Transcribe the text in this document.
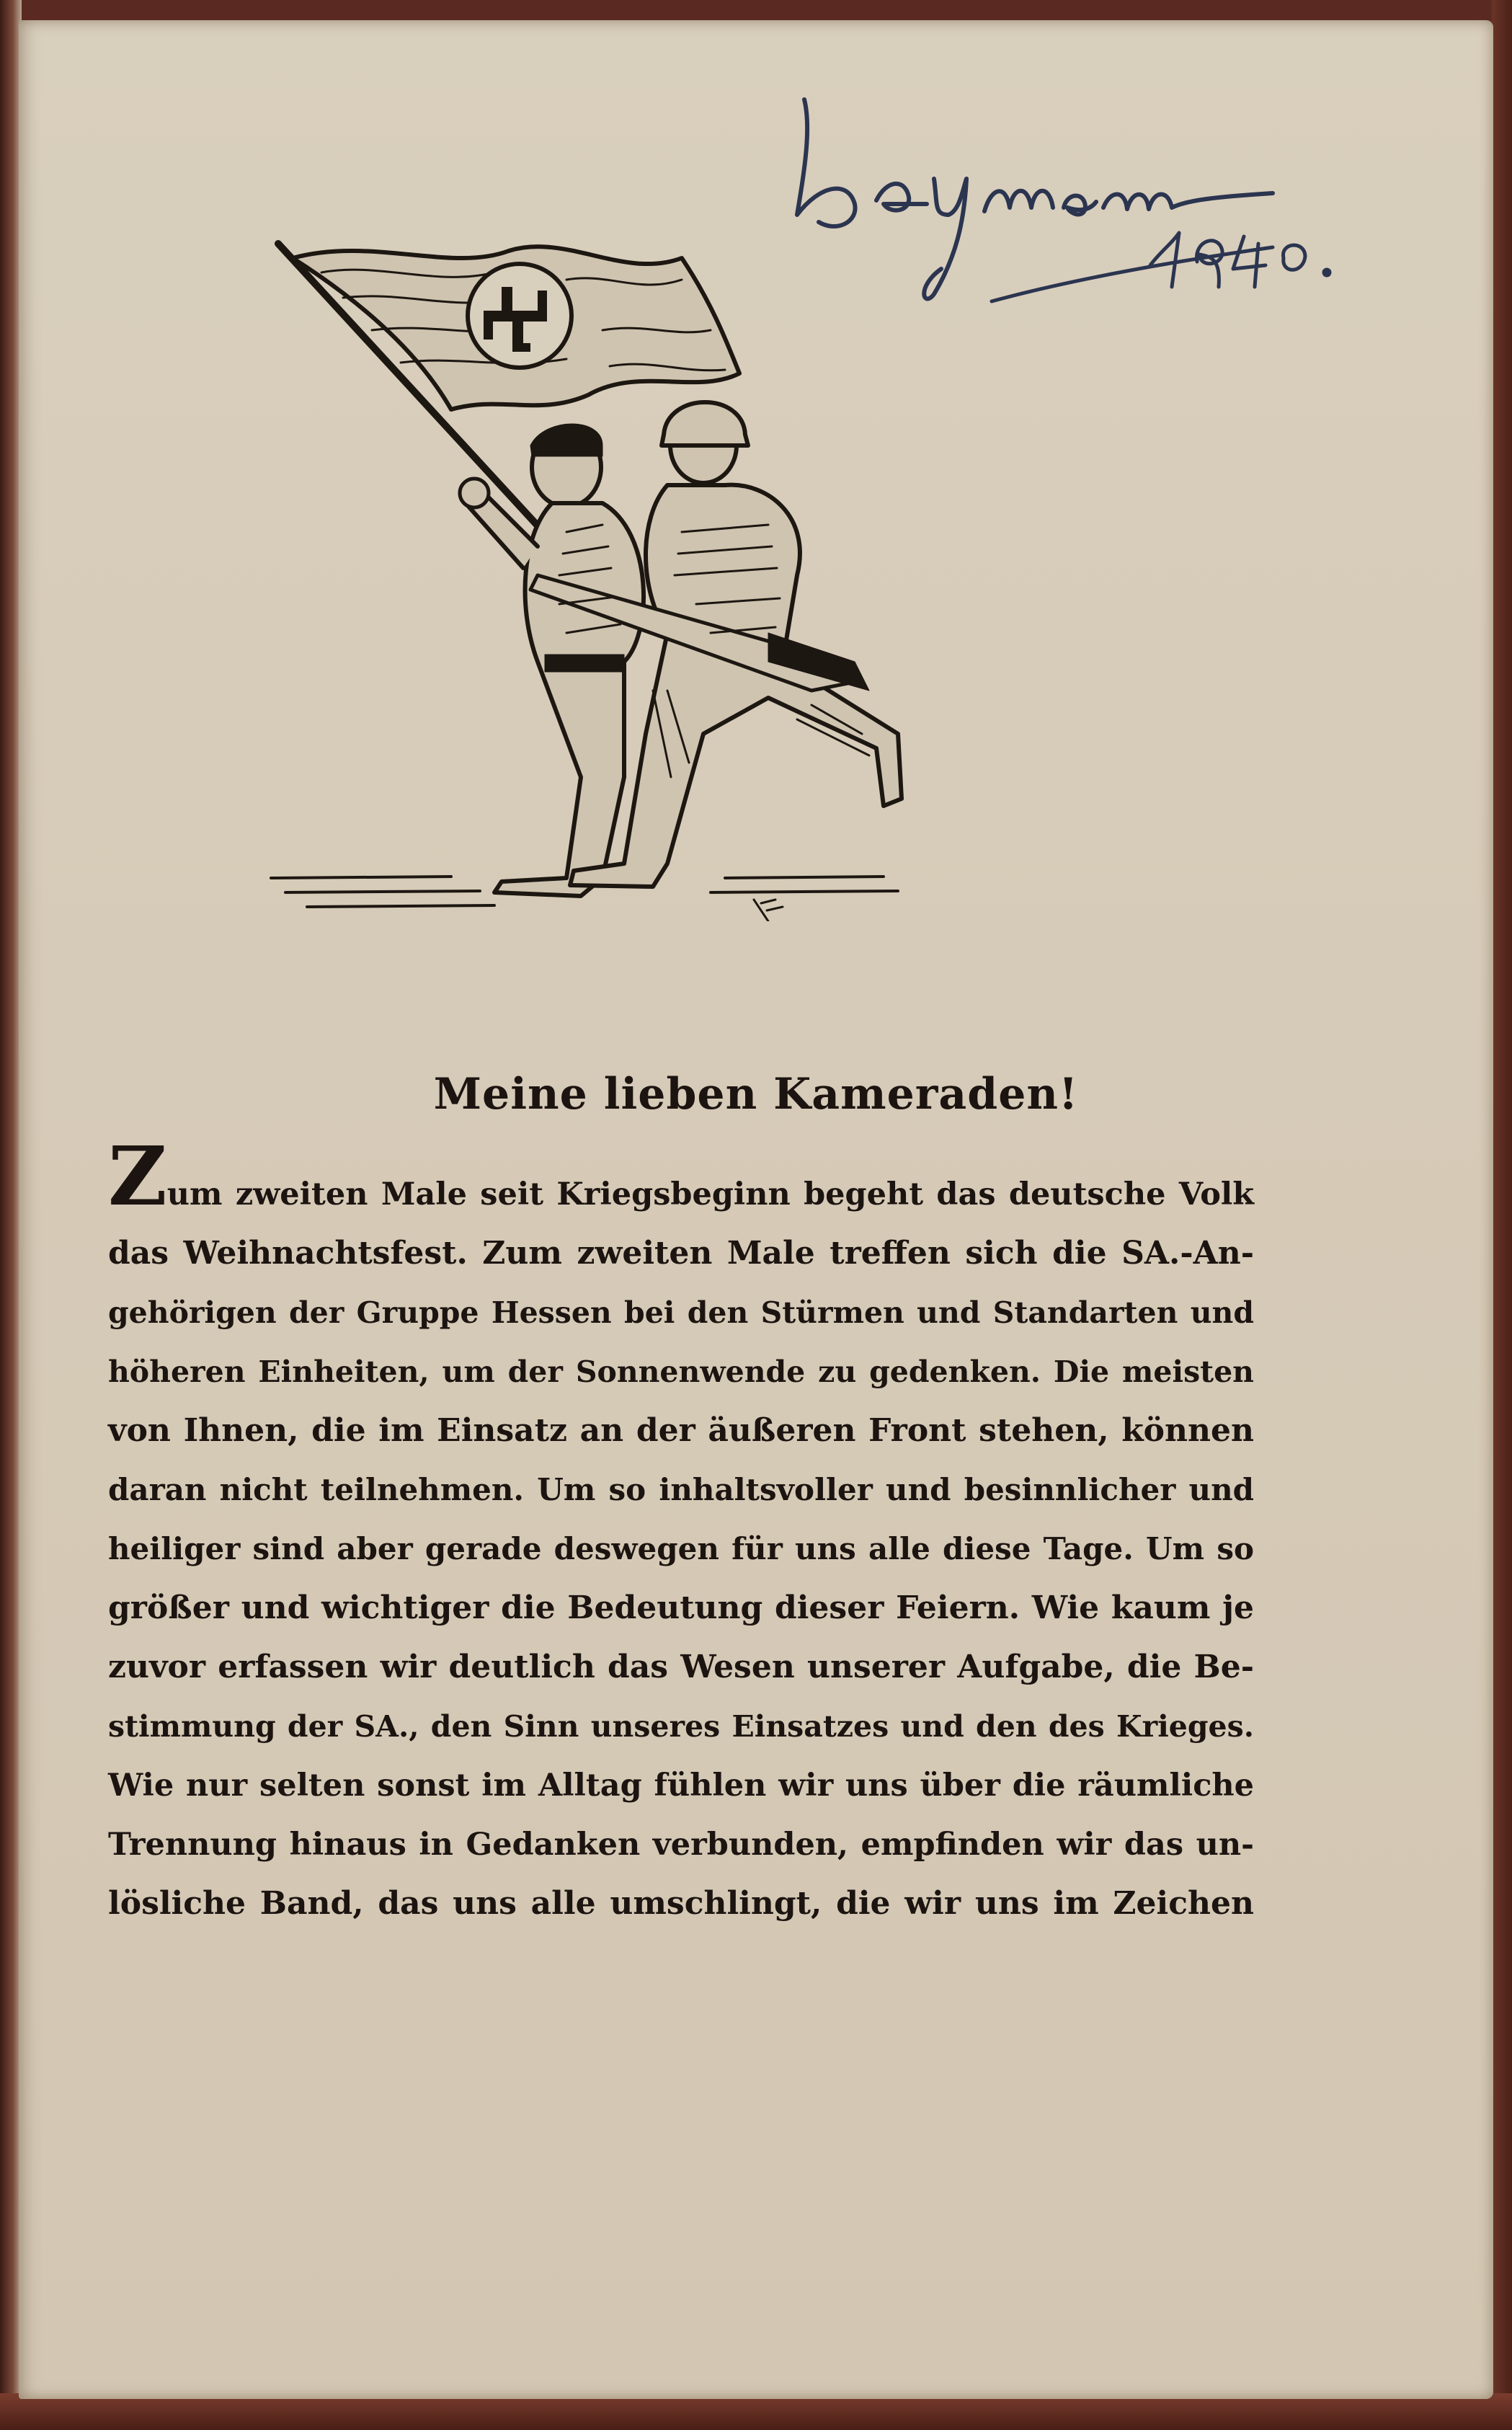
Meine lieben Kameraden!
Zum zweiten Male seit Kriegsbeginn begeht das deutsche Volk
das Weihnachtsfest. Zum zweiten Male treffen sich die SA.-An-
gehörigen der Gruppe Hessen bei den Stürmen und Standarten und
höheren Einheiten, um der Sonnenwende zu gedenken. Die meisten
von Ihnen, die im Einsatz an der äußeren Front stehen, können
daran nicht teilnehmen. Um so inhaltsvoller und besinnlicher und
heiliger sind aber gerade deswegen für uns alle diese Tage. Um so
größer und wichtiger die Bedeutung dieser Feiern. Wie kaum je
zuvor erfassen wir deutlich das Wesen unserer Aufgabe, die Be-
stimmung der SA., den Sinn unseres Einsatzes und den des Krieges.
Wie nur selten sonst im Alltag fühlen wir uns über die räumliche
Trennung hinaus in Gedanken verbunden, empfinden wir das un-
lösliche Band, das uns alle umschlingt, die wir uns im Zeichen
